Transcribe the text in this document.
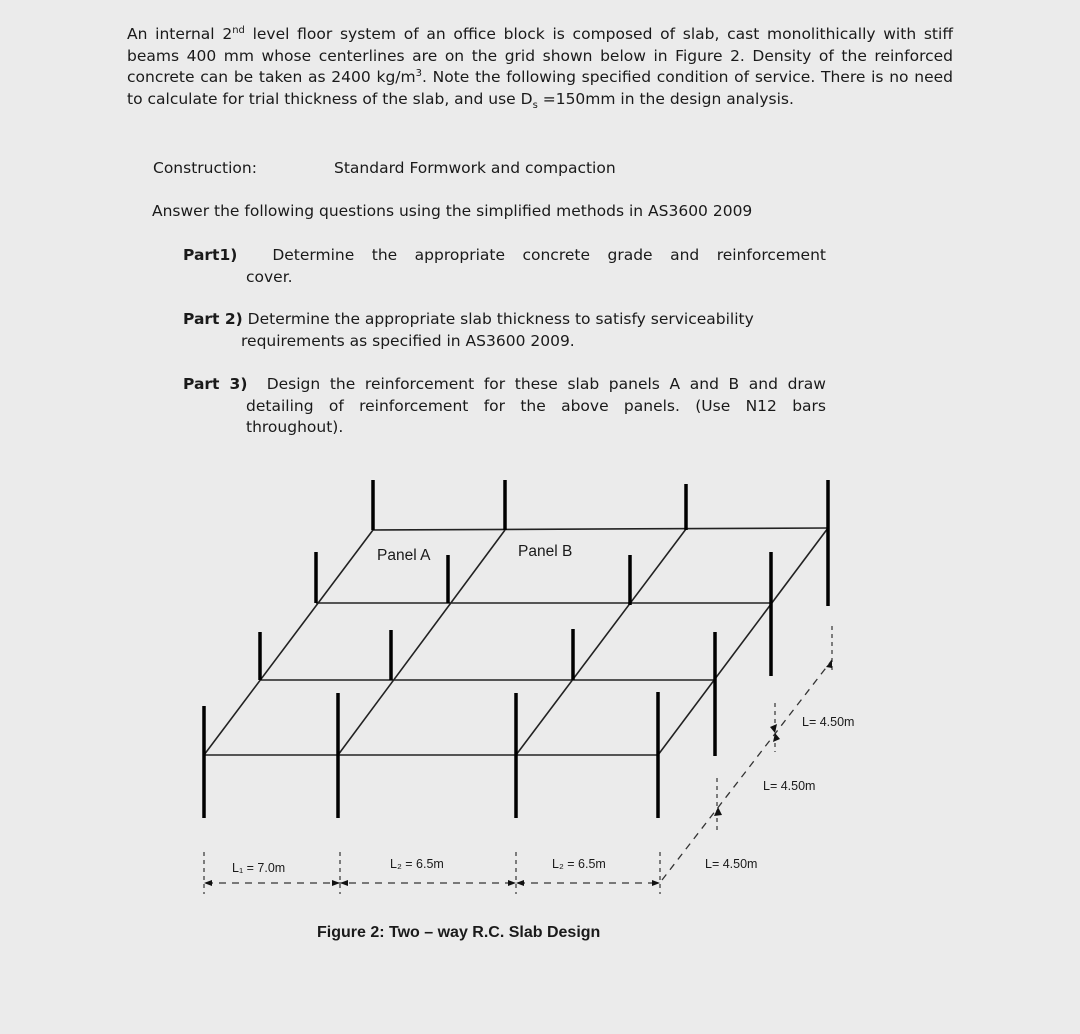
An internal 2nd level floor system of an office block is composed of slab, cast monolithically with stiff beams 400 mm whose centerlines are on the grid shown below in Figure 2. Density of the reinforced concrete can be taken as 2400 $kg/m^3$. Note the following specified condition of service. There is no need to calculate for trial thickness of the slab, and use $D_s =150mm$ in the design analysis.

Construction:	Standard Formwork and compaction

Answer the following questions using the simplified methods in AS3600 2009

Part1) Determine the appropriate concrete grade and reinforcement
cover.
Part 2) Determine the appropriate slab thickness to satisfy serviceability
requirements as specified in AS3600 2009.
Part 3) Design the reinforcement for these slab panels A and B and draw
detailing of reinforcement for the above panels. (Use N12 bars throughout).
Panel A	Panel B
L₁ = 7.0m	L₂ = 6.5m	L₂ = 6.5m	L= 4.50m
L= 4.50m
L= 4.50m
Figure 2: Two – way R.C. Slab Design
